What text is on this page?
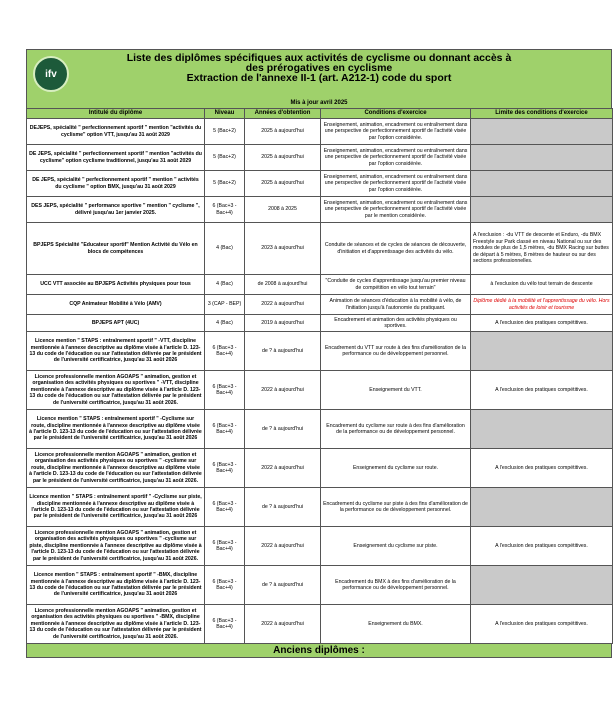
ifv
Liste des diplômes spécifiques aux activités de cyclisme ou donnant accès à
des prérogatives en cyclisme
Extraction de l'annexe II-1 (art. A212-1) code du sport
Mis à jour avril 2025
Intitulé du diplôme	Niveau	Années d'obtention	Conditions d'exercice	Limite des conditions d'exercice
DEJEPS, spécialité " perfectionnement sportif " mention "activités du cyclisme" option VTT, jusqu'au 31 août 2029	5 (Bac+2)	2025 à aujourd'hui	Enseignement, animation, encadrement ou entraînement dans une perspective de perfectionnement sportif de l'activité visée par l'option considérée.	
DE JEPS, spécialité " perfectionnement sportif " mention "activités du cyclisme" option cyclisme traditionnel, jusqu'au 31 août 2029	5 (Bac+2)	2025 à aujourd'hui	Enseignement, animation, encadrement ou entraînement dans une perspective de perfectionnement sportif de l'activité visée par l'option considérée.	
DE JEPS, spécialité " perfectionnement sportif " mention " activités du cyclisme " option BMX, jusqu'au 31 août 2029	5 (Bac+2)	2025 à aujourd'hui	Enseignement, animation, encadrement ou entraînement dans une perspective de perfectionnement sportif de l'activité visée par l'option considérée.	
DES JEPS, spécialité " performance sportive " mention " cyclisme ", délivré jusqu'au 1er janvier 2025.	6 (Bac+3 - Bac+4)	2008 à 2025	Enseignement, animation, encadrement ou entraînement dans une perspective de perfectionnement sportif de l'activité visée par le mention considérée.	
BPJEPS Spécialité "Educateur sportif" Mention Activité du Vélo en blocs de compétences	4 (Bac)	2023 à aujourd'hui	Conduite de séances et de cycles de séances de découverte, d'initiation et d'apprentissage des activités du vélo.	A l'exclusion : -du VTT de descente et Enduro, -du BMX Freestyle sur Park classé en niveau National ou sur des modules de plus de 1,5 mètres, -du BMX Racing sur buttes de départ à 5 mètres, 8 mètres de hauteur ou sur des sections professionnelles.
UCC VTT associée au BPJEPS Activités physiques pour tous	4 (Bac)	de 2008 à aujourd'hui	"Conduite de cycles d'apprentissage jusqu'au premier niveau de compétition en vélo tout terrain"	à l'exclusion du vélo tout terrain de descente
CQP Animateur Mobilité à Vélo (AMV)	3 (CAP - BEP)	2022 à aujourd'hui	Animation de séances d'éducation à la mobilité à vélo, de l'initiation jusqu'à l'autonomie du pratiquant.	Diplôme dédié à la mobilité et l'apprentissage du vélo. Hors activités de loisir et tourisme
BPJEPS APT (4UC)	4 (Bac)	2019 à aujourd'hui	Encadrement et animation des activités physiques ou sportives.	A l'exclusion des pratiques compétitives.
Licence mention " STAPS : entraînement sportif " -VTT, discipline mentionnée à l'annexe descriptive au diplôme visée à l'article D. 123-13 du code de l'éducation ou sur l'attestation délivrée par le président de l'université certificatrice, jusqu'au 31 août 2026	6 (Bac+3 - Bac+4)	de ? à aujourd'hui	Encadrement du VTT sur route à des fins d'amélioration de la performance ou de développement personnel.	
Licence professionnelle mention AGOAPS " animation, gestion et organisation des activités physiques ou sportives " -VTT, discipline mentionnée à l'annexe descriptive au diplôme visée à l'article D. 123-13 du code de l'éducation ou sur l'attestation délivrée par le président de l'université certificatrice, jusqu'au 31 août 2026.	6 (Bac+3 - Bac+4)	2022 à aujourd'hui	Enseignement du VTT.	A l'exclusion des pratiques compétitives.
Licence mention " STAPS : entraînement sportif " -Cyclisme sur route, discipline mentionnée à l'annexe descriptive au diplôme visée à l'article D. 123-13 du code de l'éducation ou sur l'attestation délivrée par le président de l'université certificatrice, jusqu'au 31 août 2026	6 (Bac+3 - Bac+4)	de ? à aujourd'hui	Encadrement du cyclisme sur route à des fins d'amélioration de la performance ou de développement personnel.	
Licence professionnelle mention AGOAPS " animation, gestion et organisation des activités physiques ou sportives " -cyclisme sur route, discipline mentionnée à l'annexe descriptive au diplôme visée à l'article D. 123-13 du code de l'éducation ou sur l'attestation délivrée par le président de l'université certificatrice, jusqu'au 31 août 2026.	6 (Bac+3 - Bac+4)	2022 à aujourd'hui	Enseignement du cyclisme sur route.	A l'exclusion des pratiques compétitives.
Licence mention " STAPS : entraînement sportif " -Cyclisme sur piste, discipline mentionnée à l'annexe descriptive au diplôme visée à l'article D. 123-13 du code de l'éducation ou sur l'attestation délivrée par le président de l'université certificatrice, jusqu'au 31 août 2026	6 (Bac+3 - Bac+4)	de ? à aujourd'hui	Encadrement du cyclisme sur piste à des fins d'amélioration de la performance ou de développement personnel.	
Licence professionnelle mention AGOAPS " animation, gestion et organisation des activités physiques ou sportives " -cyclisme sur piste, discipline mentionnée à l'annexe descriptive au diplôme visée à l'article D. 123-13 du code de l'éducation ou sur l'attestation délivrée par le président de l'université certificatrice, jusqu'au 31 août 2026.	6 (Bac+3 - Bac+4)	2022 à aujourd'hui	Enseignement du cyclisme sur piste.	A l'exclusion des pratiques compétitives.
Licence mention " STAPS : entraînement sportif " -BMX, discipline mentionnée à l'annexe descriptive au diplôme visée à l'article D. 123-13 du code de l'éducation ou sur l'attestation délivrée par le président de l'université certificatrice, jusqu'au 31 août 2026	6 (Bac+3 - Bac+4)	de ? à aujourd'hui	Encadrement du BMX à des fins d'amélioration de la performance ou de développement personnel.	
Licence professionnelle mention AGOAPS " animation, gestion et organisation des activités physiques ou sportives " -BMX, discipline mentionnée à l'annexe descriptive au diplôme visée à l'article D. 123-13 du code de l'éducation ou sur l'attestation délivrée par le président de l'université certificatrice, jusqu'au 31 août 2026.	6 (Bac+3 - Bac+4)	2022 à aujourd'hui	Enseignement du BMX.	A l'exclusion des pratiques compétitives.
Anciens diplômes :
